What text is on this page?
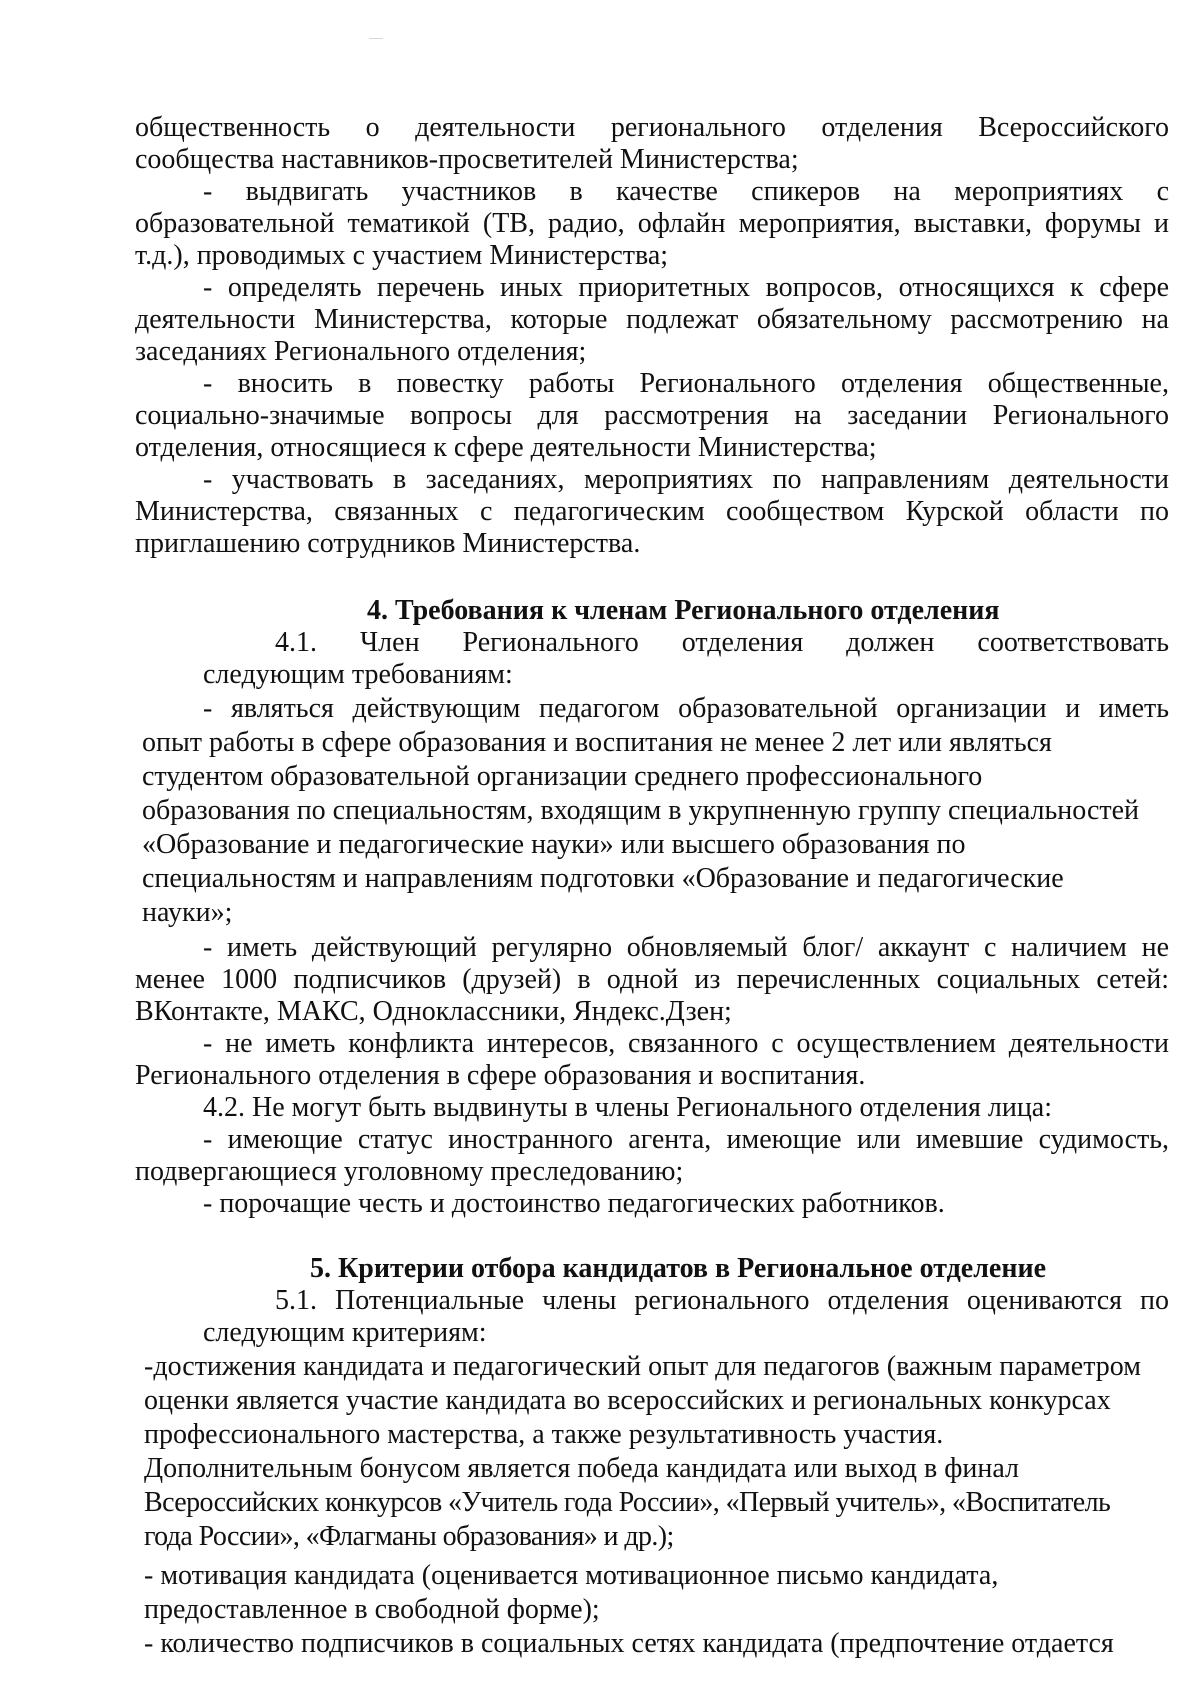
общественность о деятельности регионального отделения Всероссийского
сообщества наставников-просветителей Министерства;
- выдвигать участников в качестве спикеров на мероприятиях с
образовательной тематикой (ТВ, радио, офлайн мероприятия, выставки, форумы и
т.д.), проводимых с участием Министерства;
- определять перечень иных приоритетных вопросов, относящихся к сфере
деятельности Министерства, которые подлежат обязательному рассмотрению на
заседаниях Регионального отделения;
- вносить в повестку работы Регионального отделения общественные,
социально-значимые вопросы для рассмотрения на заседании Регионального
отделения, относящиеся к сфере деятельности Министерства;
- участвовать в заседаниях, мероприятиях по направлениям деятельности
Министерства, связанных с педагогическим сообществом Курской области по
приглашению сотрудников Министерства.
4. Требования к членам Регионального отделения
4.1. Член Регионального отделения должен соответствовать
следующим требованиям:
- являться действующим педагогом образовательной организации и иметь
опыт работы в сфере образования и воспитания не менее 2 лет или являться
студентом образовательной организации среднего профессионального
образования по специальностям, входящим в укрупненную группу специальностей
«Образование и педагогические науки» или высшего образования по
специальностям и направлениям подготовки «Образование и педагогические
науки»;
- иметь действующий регулярно обновляемый блог/ аккаунт с наличием не
менее 1000 подписчиков (друзей) в одной из перечисленных социальных сетей:
ВКонтакте, МАКС, Одноклассники, Яндекс.Дзен;
- не иметь конфликта интересов, связанного с осуществлением деятельности
Регионального отделения в сфере образования и воспитания.
4.2. Не могут быть выдвинуты в члены Регионального отделения лица:
- имеющие статус иностранного агента, имеющие или имевшие судимость,
подвергающиеся уголовному преследованию;
- порочащие честь и достоинство педагогических работников.
5. Критерии отбора кандидатов в Региональное отделение
5.1. Потенциальные члены регионального отделения оцениваются по
следующим критериям:
-достижения кандидата и педагогический опыт для педагогов (важным параметром
оценки является участие кандидата во всероссийских и региональных конкурсах
профессионального мастерства, а также результативность участия.
Дополнительным бонусом является победа кандидата или выход в финал
Всероссийских конкурсов «Учитель года России», «Первый учитель», «Воспитатель
года России», «Флагманы образования» и др.);
- мотивация кандидата (оценивается мотивационное письмо кандидата,
предоставленное в свободной форме);
- количество подписчиков в социальных сетях кандидата (предпочтение отдается
